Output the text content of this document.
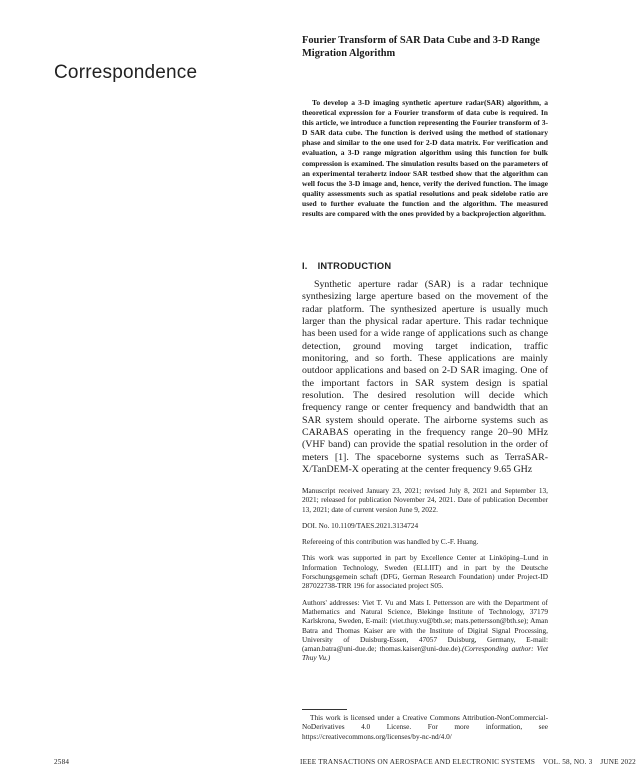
Correspondence
Fourier Transform of SAR Data Cube and 3-D Range Migration Algorithm

To develop a 3-D imaging synthetic aperture radar(SAR) algorithm, a theoretical expression for a Fourier transform of data cube is required. In this article, we introduce a function representing the Fourier transform of 3-D SAR data cube. The function is derived using the method of stationary phase and similar to the one used for 2-D data matrix. For verification and evaluation, a 3-D range migration algorithm using this function for bulk compression is examined. The simulation results based on the parameters of an experimental terahertz indoor SAR testbed show that the algorithm can well focus the 3-D image and, hence, verify the derived function. The image quality assessments such as spatial resolutions and peak sidelobe ratio are used to further evaluate the function and the algorithm. The measured results are compared with the ones provided by a backprojection algorithm.

I. INTRODUCTION

Synthetic aperture radar (SAR) is a radar technique synthesizing large aperture based on the movement of the radar platform. The synthesized aperture is usually much larger than the physical radar aperture. This radar technique has been used for a wide range of applications such as change detection, ground moving target indication, traffic monitoring, and so forth. These applications are mainly outdoor applications and based on 2-D SAR imaging. One of the important factors in SAR system design is spatial resolution. The desired resolution will decide which frequency range or center frequency and bandwidth that an SAR system should operate. The airborne systems such as CARABAS operating in the frequency range 20–90 MHz (VHF band) can provide the spatial resolution in the order of meters [1]. The spaceborne systems such as TerraSAR-X/TanDEM-X operating at the center frequency 9.65 GHz

Manuscript received January 23, 2021; revised July 8, 2021 and September 13, 2021; released for publication November 24, 2021. Date of publication December 13, 2021; date of current version June 9, 2022.

DOI. No. 10.1109/TAES.2021.3134724

Refereeing of this contribution was handled by C.-F. Huang.

This work was supported in part by Excellence Center at Linköping–Lund in Information Technology, Sweden (ELLIIT) and in part by the Deutsche Forschungsgemein schaft (DFG, German Research Foundation) under Project-ID 287022738-TRR 196 for associated project S05.

Authors' addresses: Viet T. Vu and Mats I. Pettersson are with the Department of Mathematics and Natural Science, Blekinge Institute of Technology, 37179 Karlskrona, Sweden, E-mail: (viet.thuy.vu@bth.se; mats.pettersson@bth.se); Aman Batra and Thomas Kaiser are with the Institute of Digital Signal Processing, University of Duisburg-Essen, 47057 Duisburg, Germany, E-mail: (aman.batra@uni-due.de; thomas.kaiser@uni-due.de).(Corresponding author: Viet Thuy Vu.)

This work is licensed under a Creative Commons Attribution-NonCommercial-NoDerivatives 4.0 License. For more information, see https://creativecommons.org/licenses/by-nc-nd/4.0/

2584	IEEE TRANSACTIONS ON AEROSPACE AND ELECTRONIC SYSTEMS    VOL. 58, NO. 3    JUNE 2022
